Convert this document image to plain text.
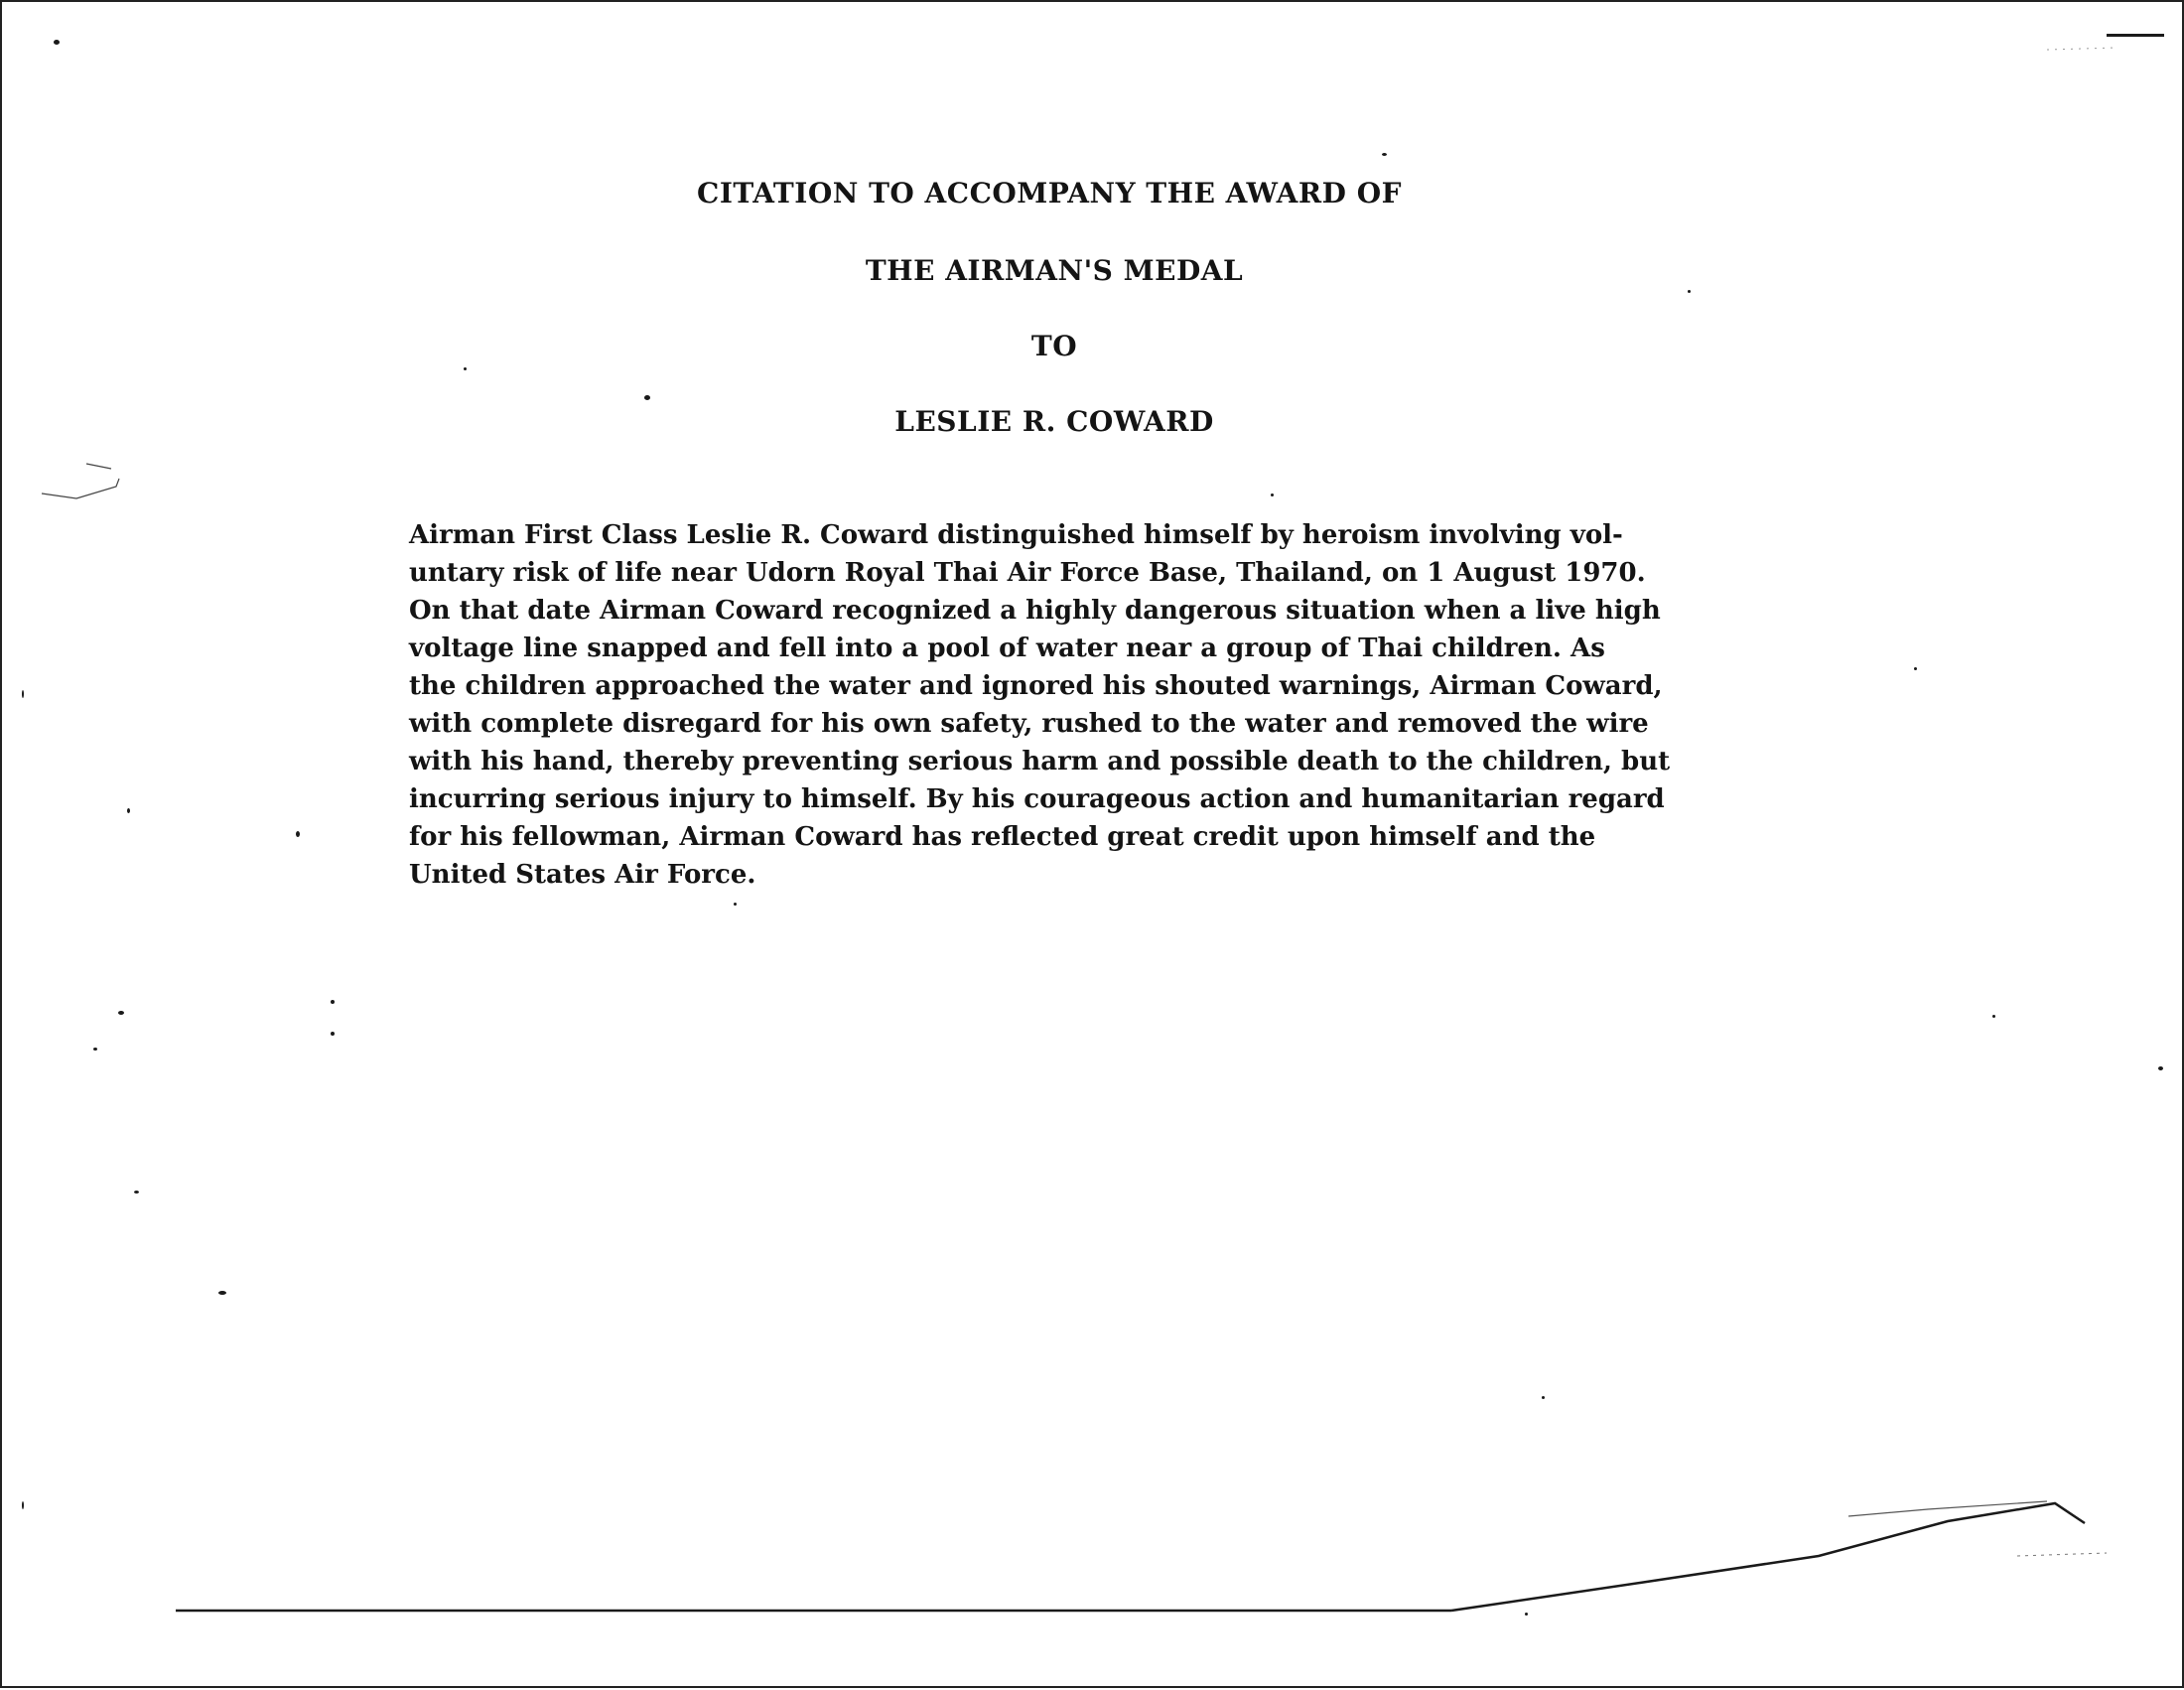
CITATION TO ACCOMPANY THE AWARD OF
THE AIRMAN'S MEDAL
TO
LESLIE R. COWARD
Airman First Class Leslie R. Coward distinguished himself by heroism involving vol-
untary risk of life near Udorn Royal Thai Air Force Base, Thailand, on 1 August 1970.
On that date Airman Coward recognized a highly dangerous situation when a live high
voltage line snapped and fell into a pool of water near a group of Thai children. As
the children approached the water and ignored his shouted warnings, Airman Coward,
with complete disregard for his own safety, rushed to the water and removed the wire
with his hand, thereby preventing serious harm and possible death to the children, but
incurring serious injury to himself. By his courageous action and humanitarian regard
for his fellowman, Airman Coward has reflected great credit upon himself and the
United States Air Force.
